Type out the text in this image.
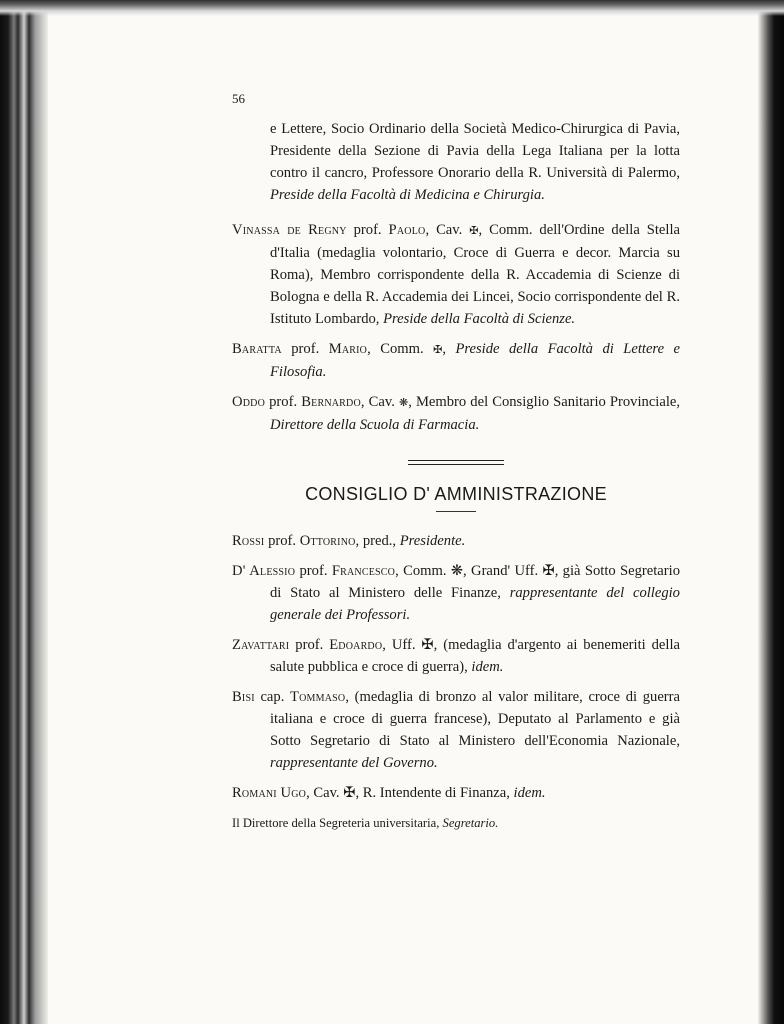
56

e Lettere, Socio Ordinario della Società Medico-Chirurgica di Pavia, Presidente della Sezione di Pavia della Lega Italiana per la lotta contro il cancro, Professore Onorario della R. Università di Palermo, Preside della Facoltà di Medicina e Chirurgia.

Vinassa de Regny prof. Paolo, Cav. ✠, Comm. dell'Ordine della Stella d'Italia (medaglia volontario, Croce di Guerra e decor. Marcia su Roma), Membro corrispondente della R. Accademia di Scienze di Bologna e della R. Accademia dei Lincei, Socio corrispondente del R. Istituto Lombardo, Preside della Facoltà di Scienze.

Baratta prof. Mario, Comm. ✠, Preside della Facoltà di Lettere e Filosofia.

Oddo prof. Bernardo, Cav. ❋, Membro del Consiglio Sanitario Provinciale, Direttore della Scuola di Farmacia.

CONSIGLIO D' AMMINISTRAZIONE

Rossi prof. Ottorino, pred., Presidente.

D' Alessio prof. Francesco, Comm. ❋, Grand' Uff. ✠, già Sotto Segretario di Stato al Ministero delle Finanze, rappresentante del collegio generale dei Professori.

Zavattari prof. Edoardo, Uff. ✠, (medaglia d'argento ai benemeriti della salute pubblica e croce di guerra), idem.

Bisi cap. Tommaso, (medaglia di bronzo al valor militare, croce di guerra italiana e croce di guerra francese), Deputato al Parlamento e già Sotto Segretario di Stato al Ministero dell'Economia Nazionale, rappresentante del Governo.

Romani Ugo, Cav. ✠, R. Intendente di Finanza, idem.

Il Direttore della Segreteria universitaria, Segretario.
